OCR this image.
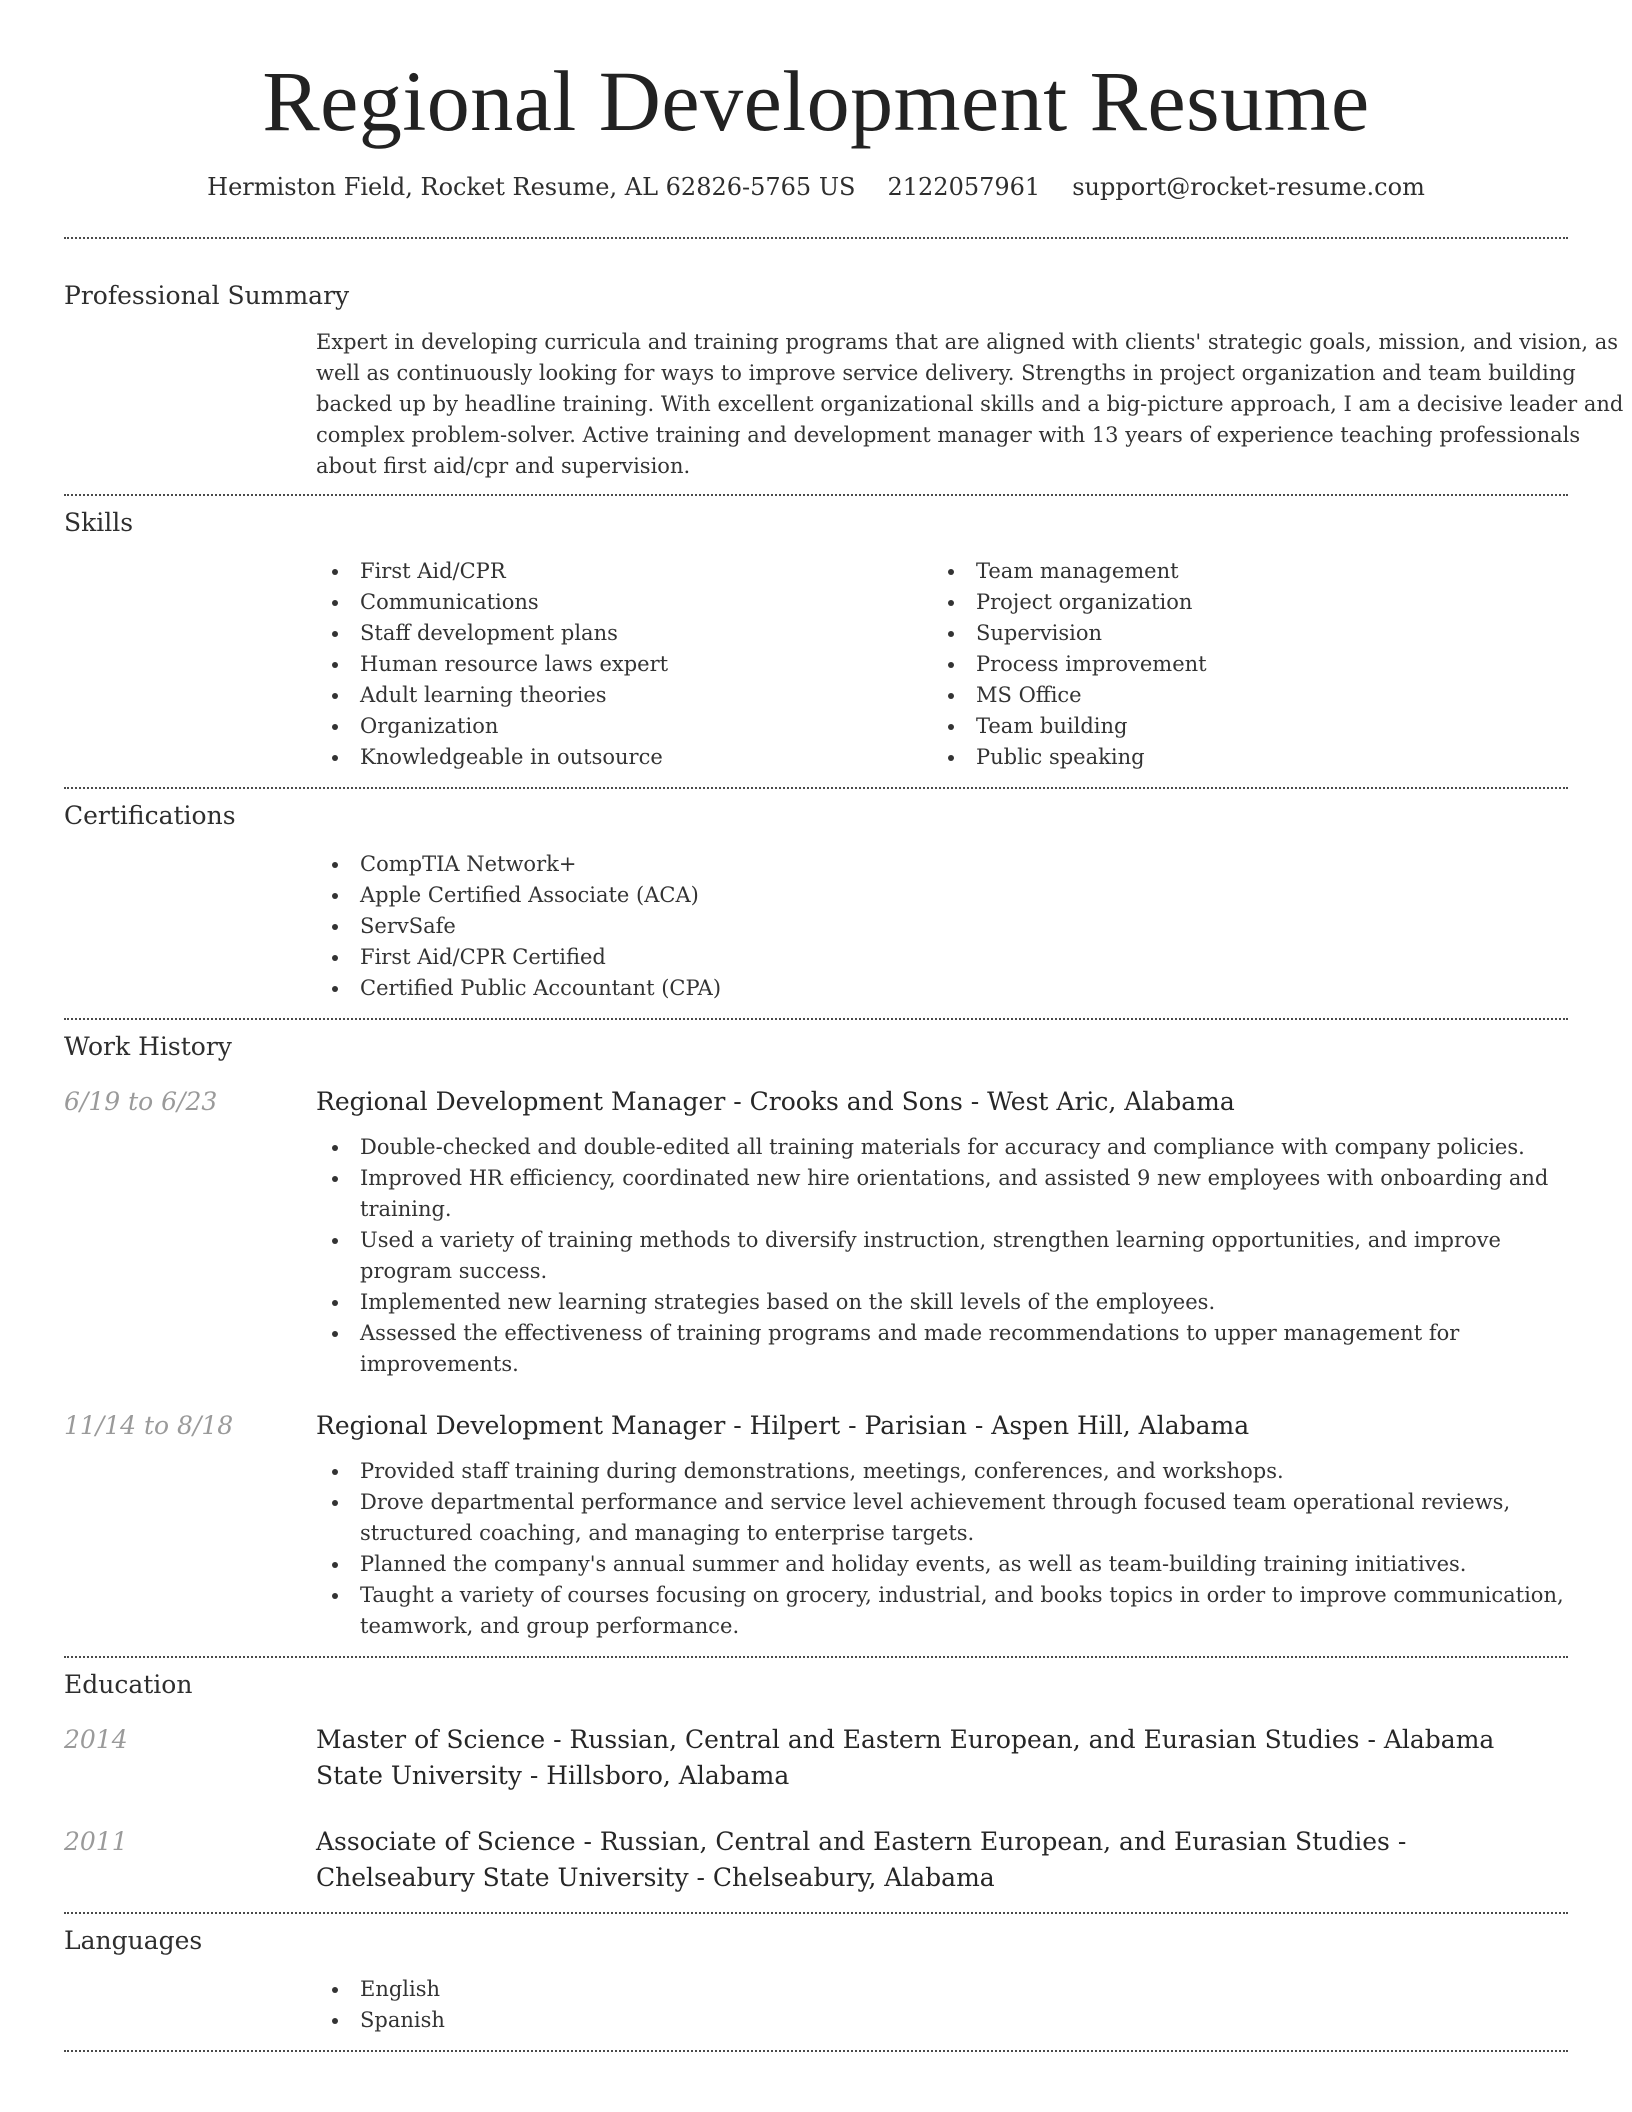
Regional Development Resume
Hermiston Field, Rocket Resume, AL 62826-5765 US 2122057961 support@rocket-resume.com
Professional Summary

Expert in developing curricula and training programs that are aligned with clients' strategic goals, mission, and vision, as well as continuously looking for ways to improve service delivery. Strengths in project organization and team building backed up by headline training. With excellent organizational skills and a big-picture approach, I am a decisive leader and complex problem-solver. Active training and development manager with 13 years of experience teaching professionals about first aid/cpr and supervision.

Skills
First Aid/CPR
Communications
Staff development plans
Human resource laws expert
Adult learning theories
Organization
Knowledgeable in outsource
Team management
Project organization
Supervision
Process improvement
MS Office
Team building
Public speaking
Certifications
CompTIA Network+
Apple Certified Associate (ACA)
ServSafe
First Aid/CPR Certified
Certified Public Accountant (CPA)
Work History
6/19 to 6/23	Regional Development Manager - Crooks and Sons - West Aric, Alabama
Double-checked and double-edited all training materials for accuracy and compliance with company policies.
Improved HR efficiency, coordinated new hire orientations, and assisted 9 new employees with onboarding and training.
Used a variety of training methods to diversify instruction, strengthen learning opportunities, and improve program success.
Implemented new learning strategies based on the skill levels of the employees.
Assessed the effectiveness of training programs and made recommendations to upper management for improvements.
11/14 to 8/18	Regional Development Manager - Hilpert - Parisian - Aspen Hill, Alabama
Provided staff training during demonstrations, meetings, conferences, and workshops.
Drove departmental performance and service level achievement through focused team operational reviews, structured coaching, and managing to enterprise targets.
Planned the company's annual summer and holiday events, as well as team-building training initiatives.
Taught a variety of courses focusing on grocery, industrial, and books topics in order to improve communication, teamwork, and group performance.
Education
2014	Master of Science - Russian, Central and Eastern European, and Eurasian Studies - Alabama State University - Hillsboro, Alabama
2011	Associate of Science - Russian, Central and Eastern European, and Eurasian Studies - Chelseabury State University - Chelseabury, Alabama
Languages
English
Spanish
